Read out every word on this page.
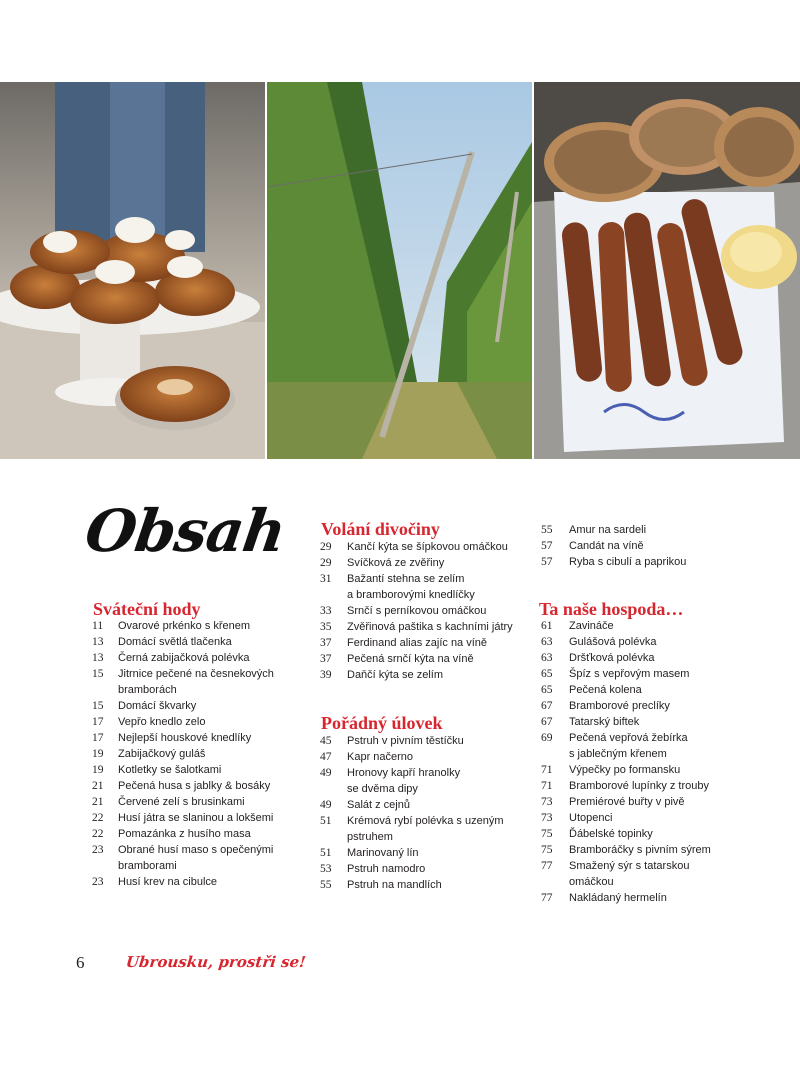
Obsah
Sváteční hody
Volání divočiny
Pořádný úlovek
Ta naše hospoda…
11	Ovarové prkénko s křenem
13	Domácí světlá tlačenka
13	Černá zabijačková polévka
15	Jitrnice pečené na česnekových
bramborách
15	Domácí škvarky
17	Vepřo knedlo zelo
17	Nejlepší houskové knedlíky
19	Zabijačkový guláš
19	Kotletky se šalotkami
21	Pečená husa s jablky & bosáky
21	Červené zelí s brusinkami
22	Husí játra se slaninou a lokšemi
22	Pomazánka z husího masa
23	Obrané husí maso s opečenými
bramborami
23	Husí krev na cibulce
29	Kančí kýta se šípkovou omáčkou
29	Svíčková ze zvěřiny
31	Bažantí stehna se zelím
a bramborovými knedlíčky
33	Srnčí s perníkovou omáčkou
35	Zvěřinová paštika s kachními játry
37	Ferdinand alias zajíc na víně
37	Pečená srnčí kýta na víně
39	Daňčí kýta se zelím
45	Pstruh v pivním těstíčku
47	Kapr načerno
49	Hronovy kapří hranolky
se dvěma dipy
49	Salát z cejnů
51	Krémová rybí polévka s uzeným
pstruhem
51	Marinovaný lín
53	Pstruh namodro
55	Pstruh na mandlích
55	Amur na sardeli
57	Candát na víně
57	Ryba s cibulí a paprikou
61	Zavináče
63	Gulášová polévka
63	Dršťková polévka
65	Špíz s vepřovým masem
65	Pečená kolena
67	Bramborové preclíky
67	Tatarský biftek
69	Pečená vepřová žebírka
s jablečným křenem
71	Výpečky po formansku
71	Bramborové lupínky z trouby
73	Premiérové buřty v pivě
73	Utopenci
75	Ďábelské topinky
75	Bramboráčky s pivním sýrem
77	Smažený sýr s tatarskou
omáčkou
77	Nakládaný hermelín
6	Ubrousku, prostři se!
